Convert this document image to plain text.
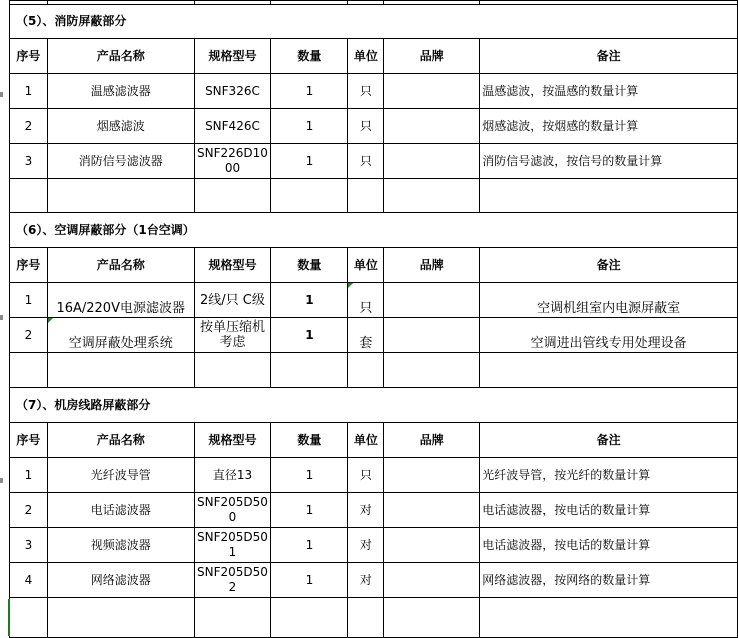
（5）、消防屏蔽部分						
序号	产品名称	规格型号	数量	单位	品牌	备注
1	温感滤波器	SNF326C	1	只		温感滤波，按温感的数量计算
2	烟感滤波	SNF426C	1	只		烟感滤波，按烟感的数量计算
3	消防信号滤波器	SNF226D1000	1	只		消防信号滤波，按信号的数量计算

（6）、空调屏蔽部分（1台空调）						
序号	产品名称	规格型号	数量	单位	品牌	备注
1	16A/220V电源滤波器	2线/只 C级	1	只		空调机组室内电源屏蔽室
2	空调屏蔽处理系统	按单压缩机考虑	1	套		空调进出管线专用处理设备

（7）、机房线路屏蔽部分						
序号	产品名称	规格型号	数量	单位	品牌	备注
1	光纤波导管	直径13	1	只		光纤波导管，按光纤的数量计算
2	电话滤波器	SNF205D500	1	对		电话滤波器，按电话的数量计算
3	视频滤波器	SNF205D501	1	对		电话滤波器，按电话的数量计算
4	网络滤波器	SNF205D502	1	对		网络滤波器，按网络的数量计算
